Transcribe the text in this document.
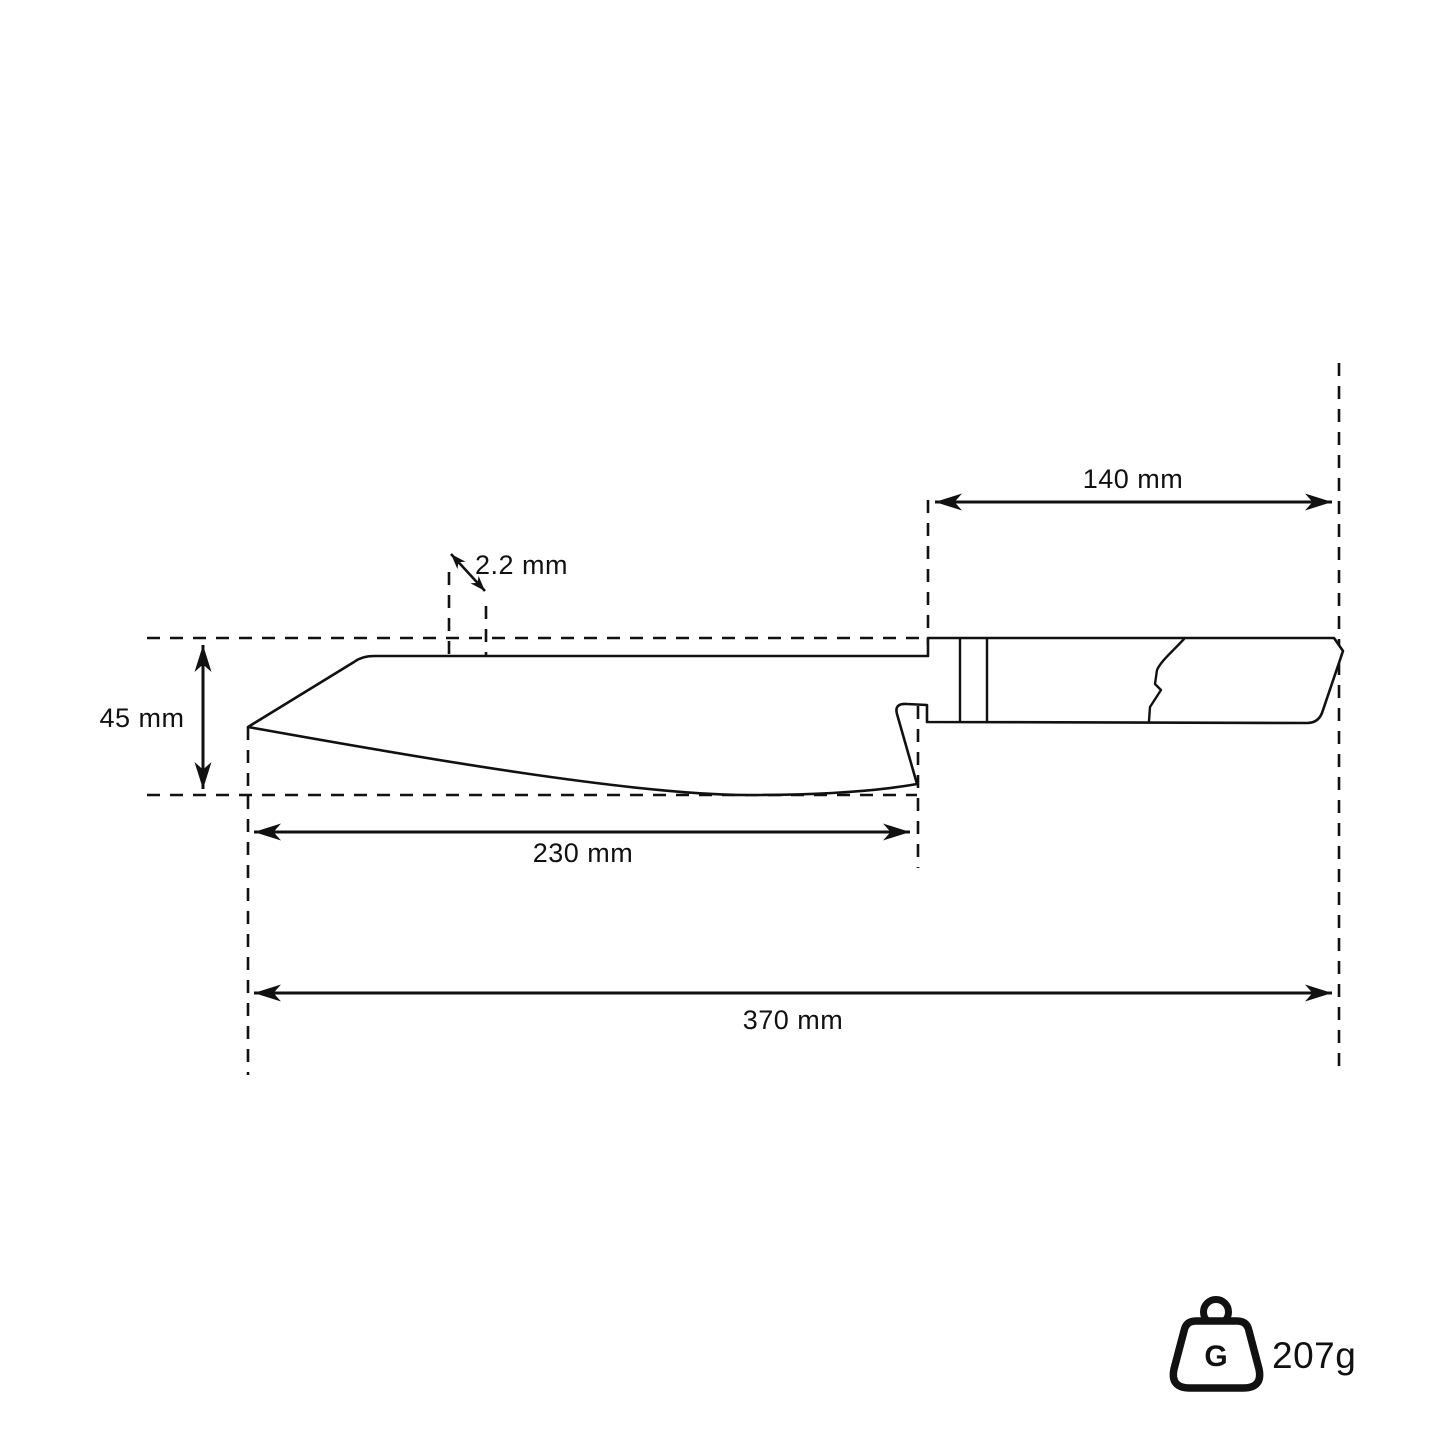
140 mm
2.2 mm
45 mm
230 mm
370 mm
G 207g
